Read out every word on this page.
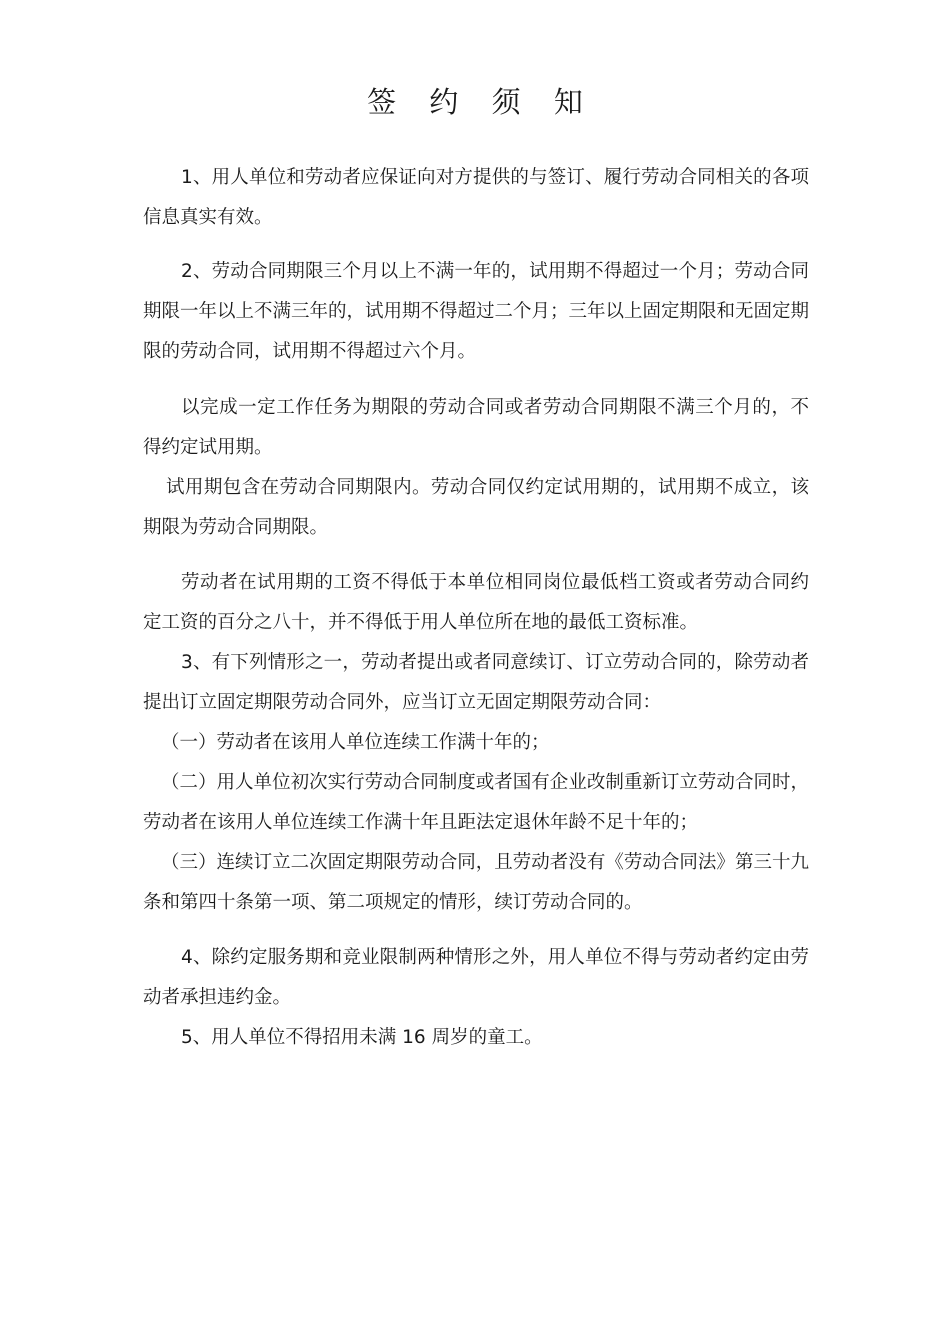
签 约 须 知

1、用人单位和劳动者应保证向对方提供的与签订、履行劳动合同相关的各项信息真实有效。

2、劳动合同期限三个月以上不满一年的，试用期不得超过一个月；劳动合同期限一年以上不满三年的，试用期不得超过二个月；三年以上固定期限和无固定期限的劳动合同，试用期不得超过六个月。

以完成一定工作任务为期限的劳动合同或者劳动合同期限不满三个月的，不得约定试用期。

试用期包含在劳动合同期限内。劳动合同仅约定试用期的，试用期不成立，该期限为劳动合同期限。

劳动者在试用期的工资不得低于本单位相同岗位最低档工资或者劳动合同约定工资的百分之八十，并不得低于用人单位所在地的最低工资标准。

3、有下列情形之一，劳动者提出或者同意续订、订立劳动合同的，除劳动者提出订立固定期限劳动合同外，应当订立无固定期限劳动合同：

（一）劳动者在该用人单位连续工作满十年的；

（二）用人单位初次实行劳动合同制度或者国有企业改制重新订立劳动合同时，劳动者在该用人单位连续工作满十年且距法定退休年龄不足十年的；

（三）连续订立二次固定期限劳动合同，且劳动者没有《劳动合同法》第三十九条和第四十条第一项、第二项规定的情形，续订劳动合同的。

4、除约定服务期和竞业限制两种情形之外，用人单位不得与劳动者约定由劳动者承担违约金。

5、用人单位不得招用未满 16 周岁的童工。
